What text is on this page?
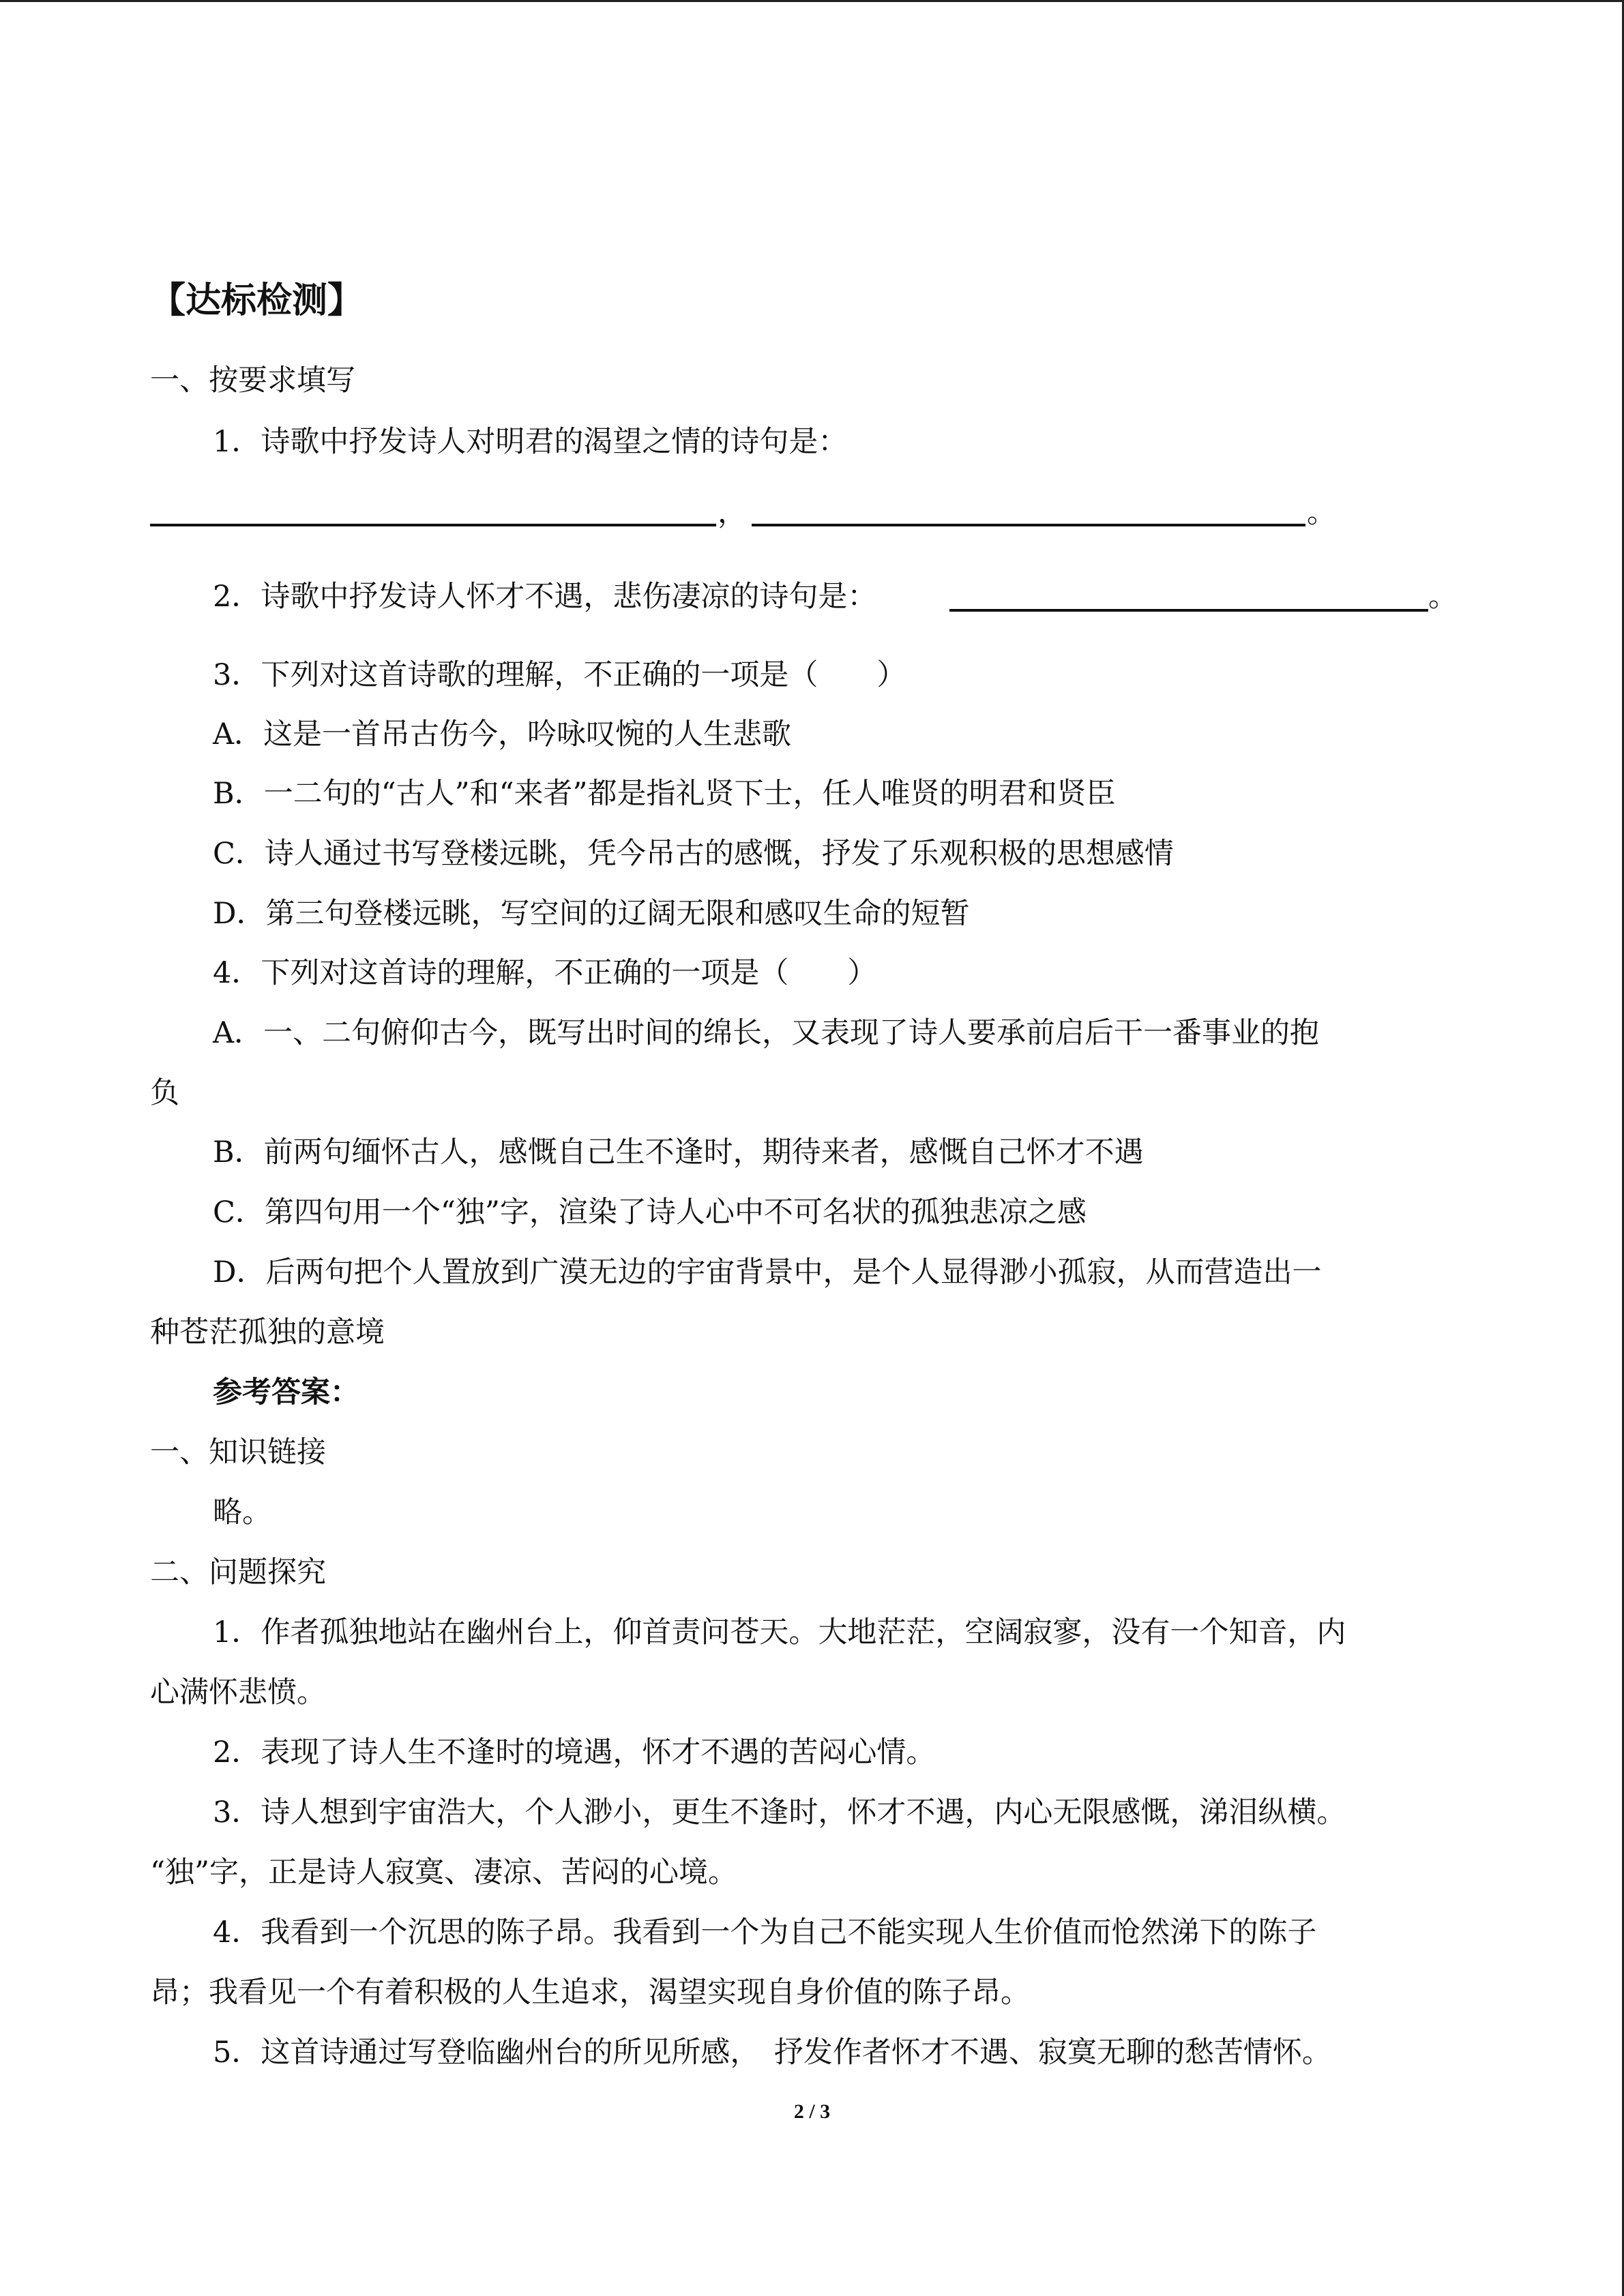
【达标检测】
一、按要求填写
1．诗歌中抒发诗人对明君的渴望之情的诗句是：
，	。
2．诗歌中抒发诗人怀才不遇，悲伤凄凉的诗句是：	。
3．下列对这首诗歌的理解，不正确的一项是（　　）
A．这是一首吊古伤今，吟咏叹惋的人生悲歌
B．一二句的“古人”和“来者”都是指礼贤下士，任人唯贤的明君和贤臣
C．诗人通过书写登楼远眺，凭今吊古的感慨，抒发了乐观积极的思想感情
D．第三句登楼远眺，写空间的辽阔无限和感叹生命的短暂
4．下列对这首诗的理解，不正确的一项是（　　）
A．一、二句俯仰古今，既写出时间的绵长，又表现了诗人要承前启后干一番事业的抱
负
B．前两句缅怀古人，感慨自己生不逢时，期待来者，感慨自己怀才不遇
C．第四句用一个“独”字，渲染了诗人心中不可名状的孤独悲凉之感
D．后两句把个人置放到广漠无边的宇宙背景中，是个人显得渺小孤寂，从而营造出一
种苍茫孤独的意境
参考答案：
一、知识链接
略。
二、问题探究
1．作者孤独地站在幽州台上，仰首责问苍天。大地茫茫，空阔寂寥，没有一个知音，内
心满怀悲愤。
2．表现了诗人生不逢时的境遇，怀才不遇的苦闷心情。
3．诗人想到宇宙浩大，个人渺小，更生不逢时，怀才不遇，内心无限感慨，涕泪纵横。
“独”字，正是诗人寂寞、凄凉、苦闷的心境。
4．我看到一个沉思的陈子昂。我看到一个为自己不能实现人生价值而怆然涕下的陈子
昂；我看见一个有着积极的人生追求，渴望实现自身价值的陈子昂。
5．这首诗通过写登临幽州台的所见所感，　抒发作者怀才不遇、寂寞无聊的愁苦情怀。
2 / 3
